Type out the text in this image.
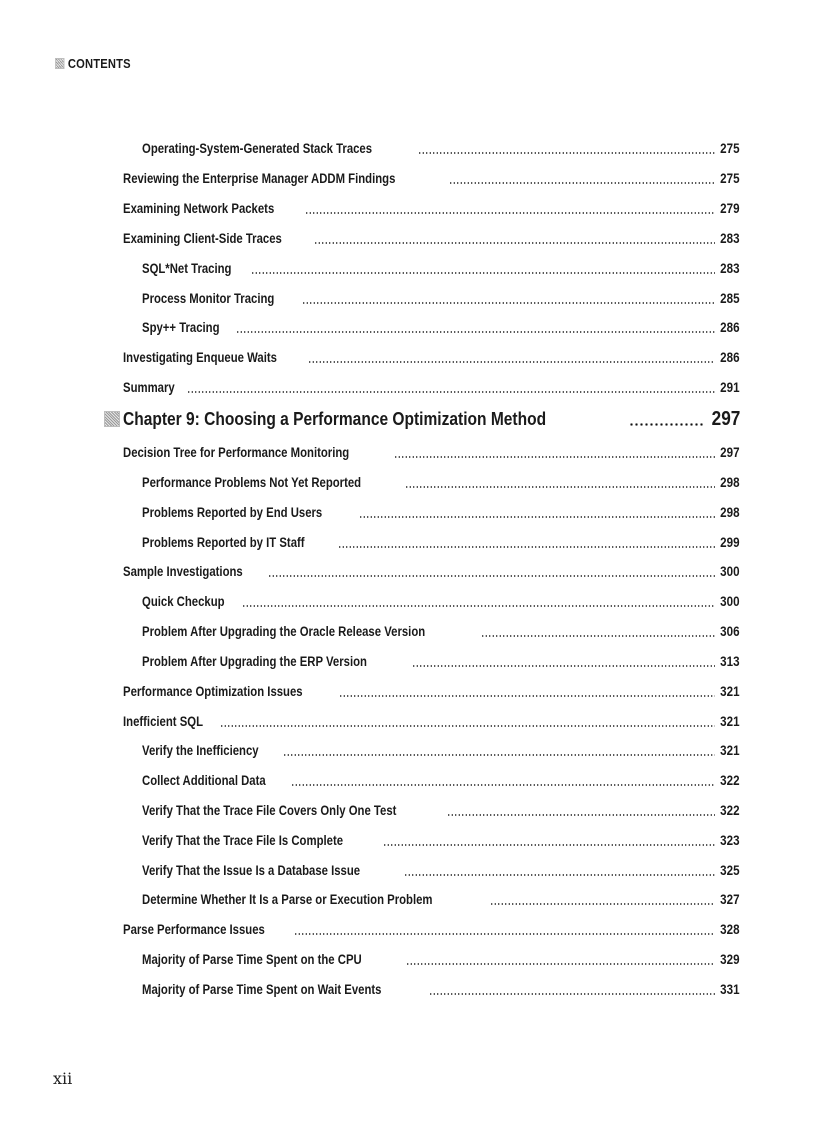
CONTENTS
Operating-System-Generated Stack Traces	275
Reviewing the Enterprise Manager ADDM Findings	275
Examining Network Packets	279
Examining Client-Side Traces	283
SQL*Net Tracing	283
Process Monitor Tracing	285
Spy++ Tracing	286
Investigating Enqueue Waits	286
Summary	291
Chapter 9: Choosing a Performance Optimization Method	297
Decision Tree for Performance Monitoring	297
Performance Problems Not Yet Reported	298
Problems Reported by End Users	298
Problems Reported by IT Staff	299
Sample Investigations	300
Quick Checkup	300
Problem After Upgrading the Oracle Release Version	306
Problem After Upgrading the ERP Version	313
Performance Optimization Issues	321
Inefficient SQL	321
Verify the Inefficiency	321
Collect Additional Data	322
Verify That the Trace File Covers Only One Test	322
Verify That the Trace File Is Complete	323
Verify That the Issue Is a Database Issue	325
Determine Whether It Is a Parse or Execution Problem	327
Parse Performance Issues	328
Majority of Parse Time Spent on the CPU	329
Majority of Parse Time Spent on Wait Events	331
xii
